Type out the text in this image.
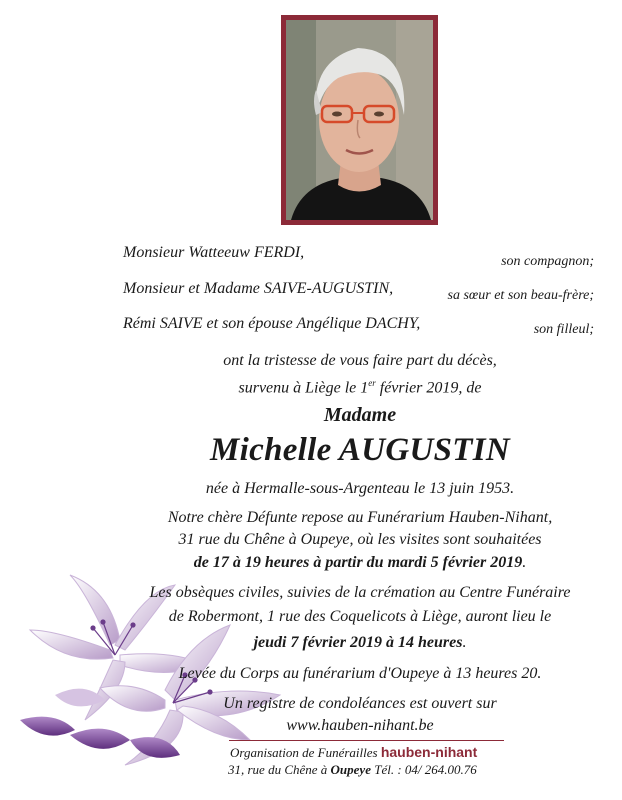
Monsieur Watteeuw FERDI,
son compagnon;
Monsieur et Madame SAIVE-AUGUSTIN,	sa sœur et son beau-frère;
Rémi SAIVE et son épouse Angélique DACHY,	son filleul;
ont la tristesse de vous faire part du décès,
survenu à Liège le 1er février 2019, de
Madame
Michelle AUGUSTIN
née à Hermalle-sous-Argenteau le 13 juin 1953.
Notre chère Défunte repose au Funérarium Hauben-Nihant,
31 rue du Chêne à Oupeye, où les visites sont souhaitées
de 17 à 19 heures à partir du mardi 5 février 2019.
Les obsèques civiles, suivies de la crémation au Centre Funéraire
de Robermont, 1 rue des Coquelicots à Liège, auront lieu le
jeudi 7 février 2019 à 14 heures.
Levée du Corps au funérarium d'Oupeye à 13 heures 20.
Un registre de condoléances est ouvert sur
www.hauben-nihant.be
Organisation de Funérailles hauben-nihant
31, rue du Chêne à Oupeye Tél. : 04/ 264.00.76
